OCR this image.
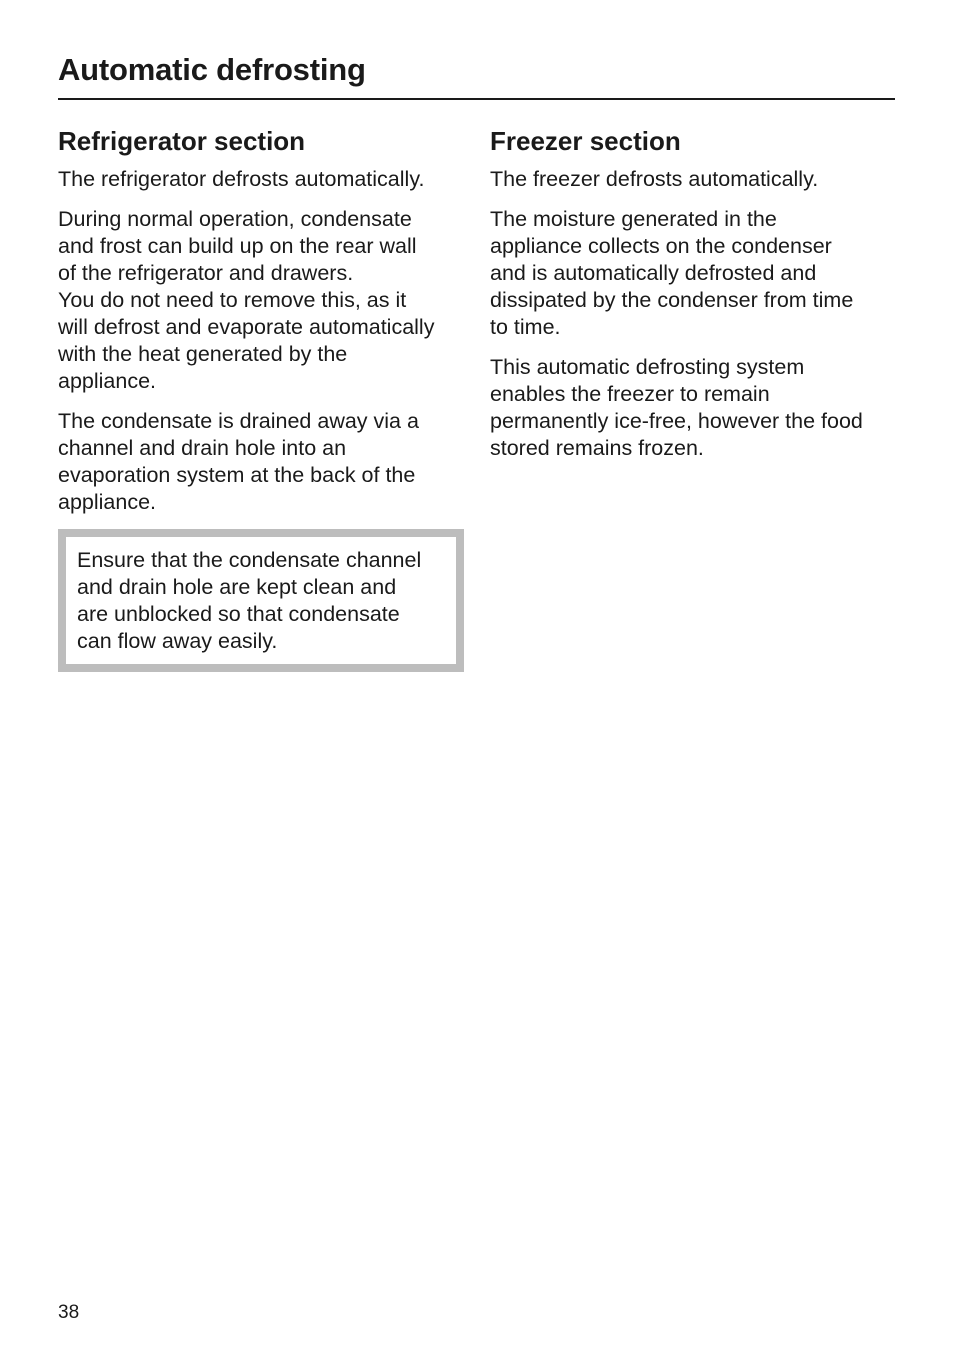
Automatic defrosting
Refrigerator section

The refrigerator defrosts automatically.

During normal operation, condensate
and frost can build up on the rear wall
of the refrigerator and drawers.
You do not need to remove this, as it
will defrost and evaporate automatically
with the heat generated by the
appliance.

The condensate is drained away via a
channel and drain hole into an
evaporation system at the back of the
appliance.

Ensure that the condensate channel
and drain hole are kept clean and
are unblocked so that condensate
can flow away easily.

Freezer section

The freezer defrosts automatically.

The moisture generated in the
appliance collects on the condenser
and is automatically defrosted and
dissipated by the condenser from time
to time.

This automatic defrosting system
enables the freezer to remain
permanently ice-free, however the food
stored remains frozen.

38
